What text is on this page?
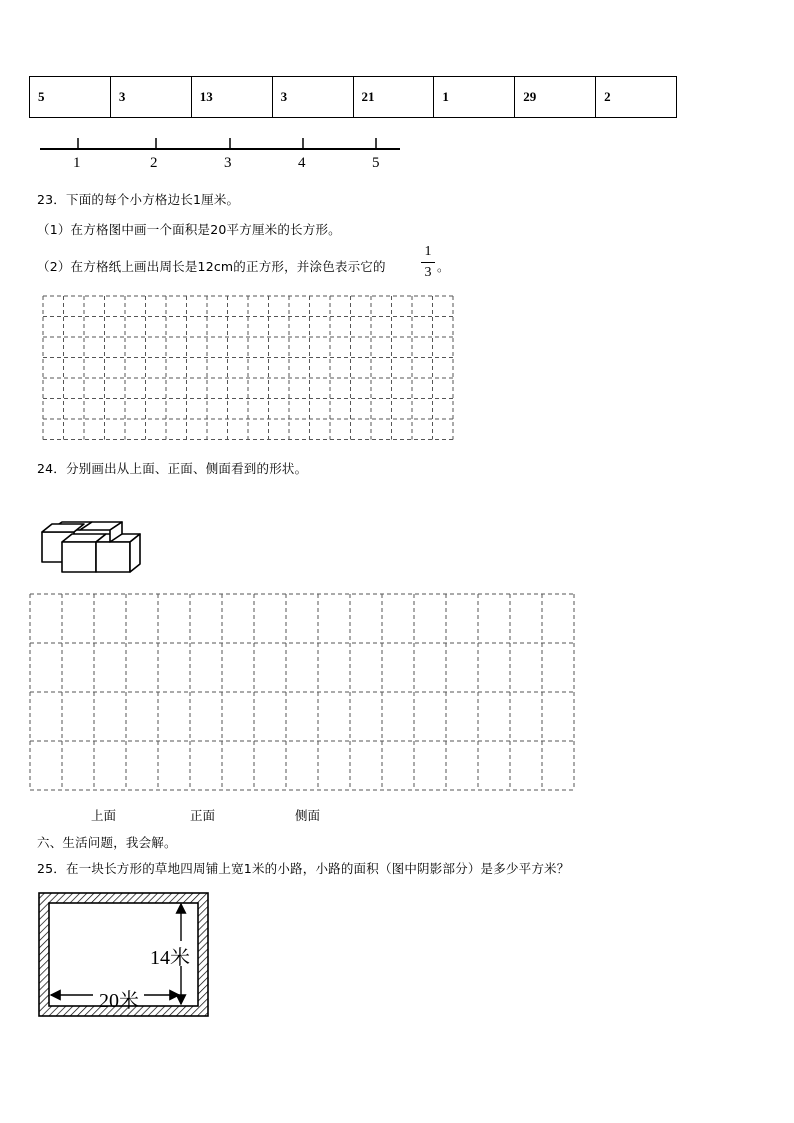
5	3	13	3	21	1	29	2
1	2	3	4	5
23．下面的每个小方格边长1厘米。
（1）在方格图中画一个面积是20平方厘米的长方形。
（2）在方格纸上画出周长是12cm的正方形，并涂色表示它的
1
3 。
24．分别画出从上面、正面、侧面看到的形状。
上面	正面	侧面
六、生活问题，我会解。
25．在一块长方形的草地四周铺上宽1米的小路，小路的面积（图中阴影部分）是多少平方米？
14米
20米
